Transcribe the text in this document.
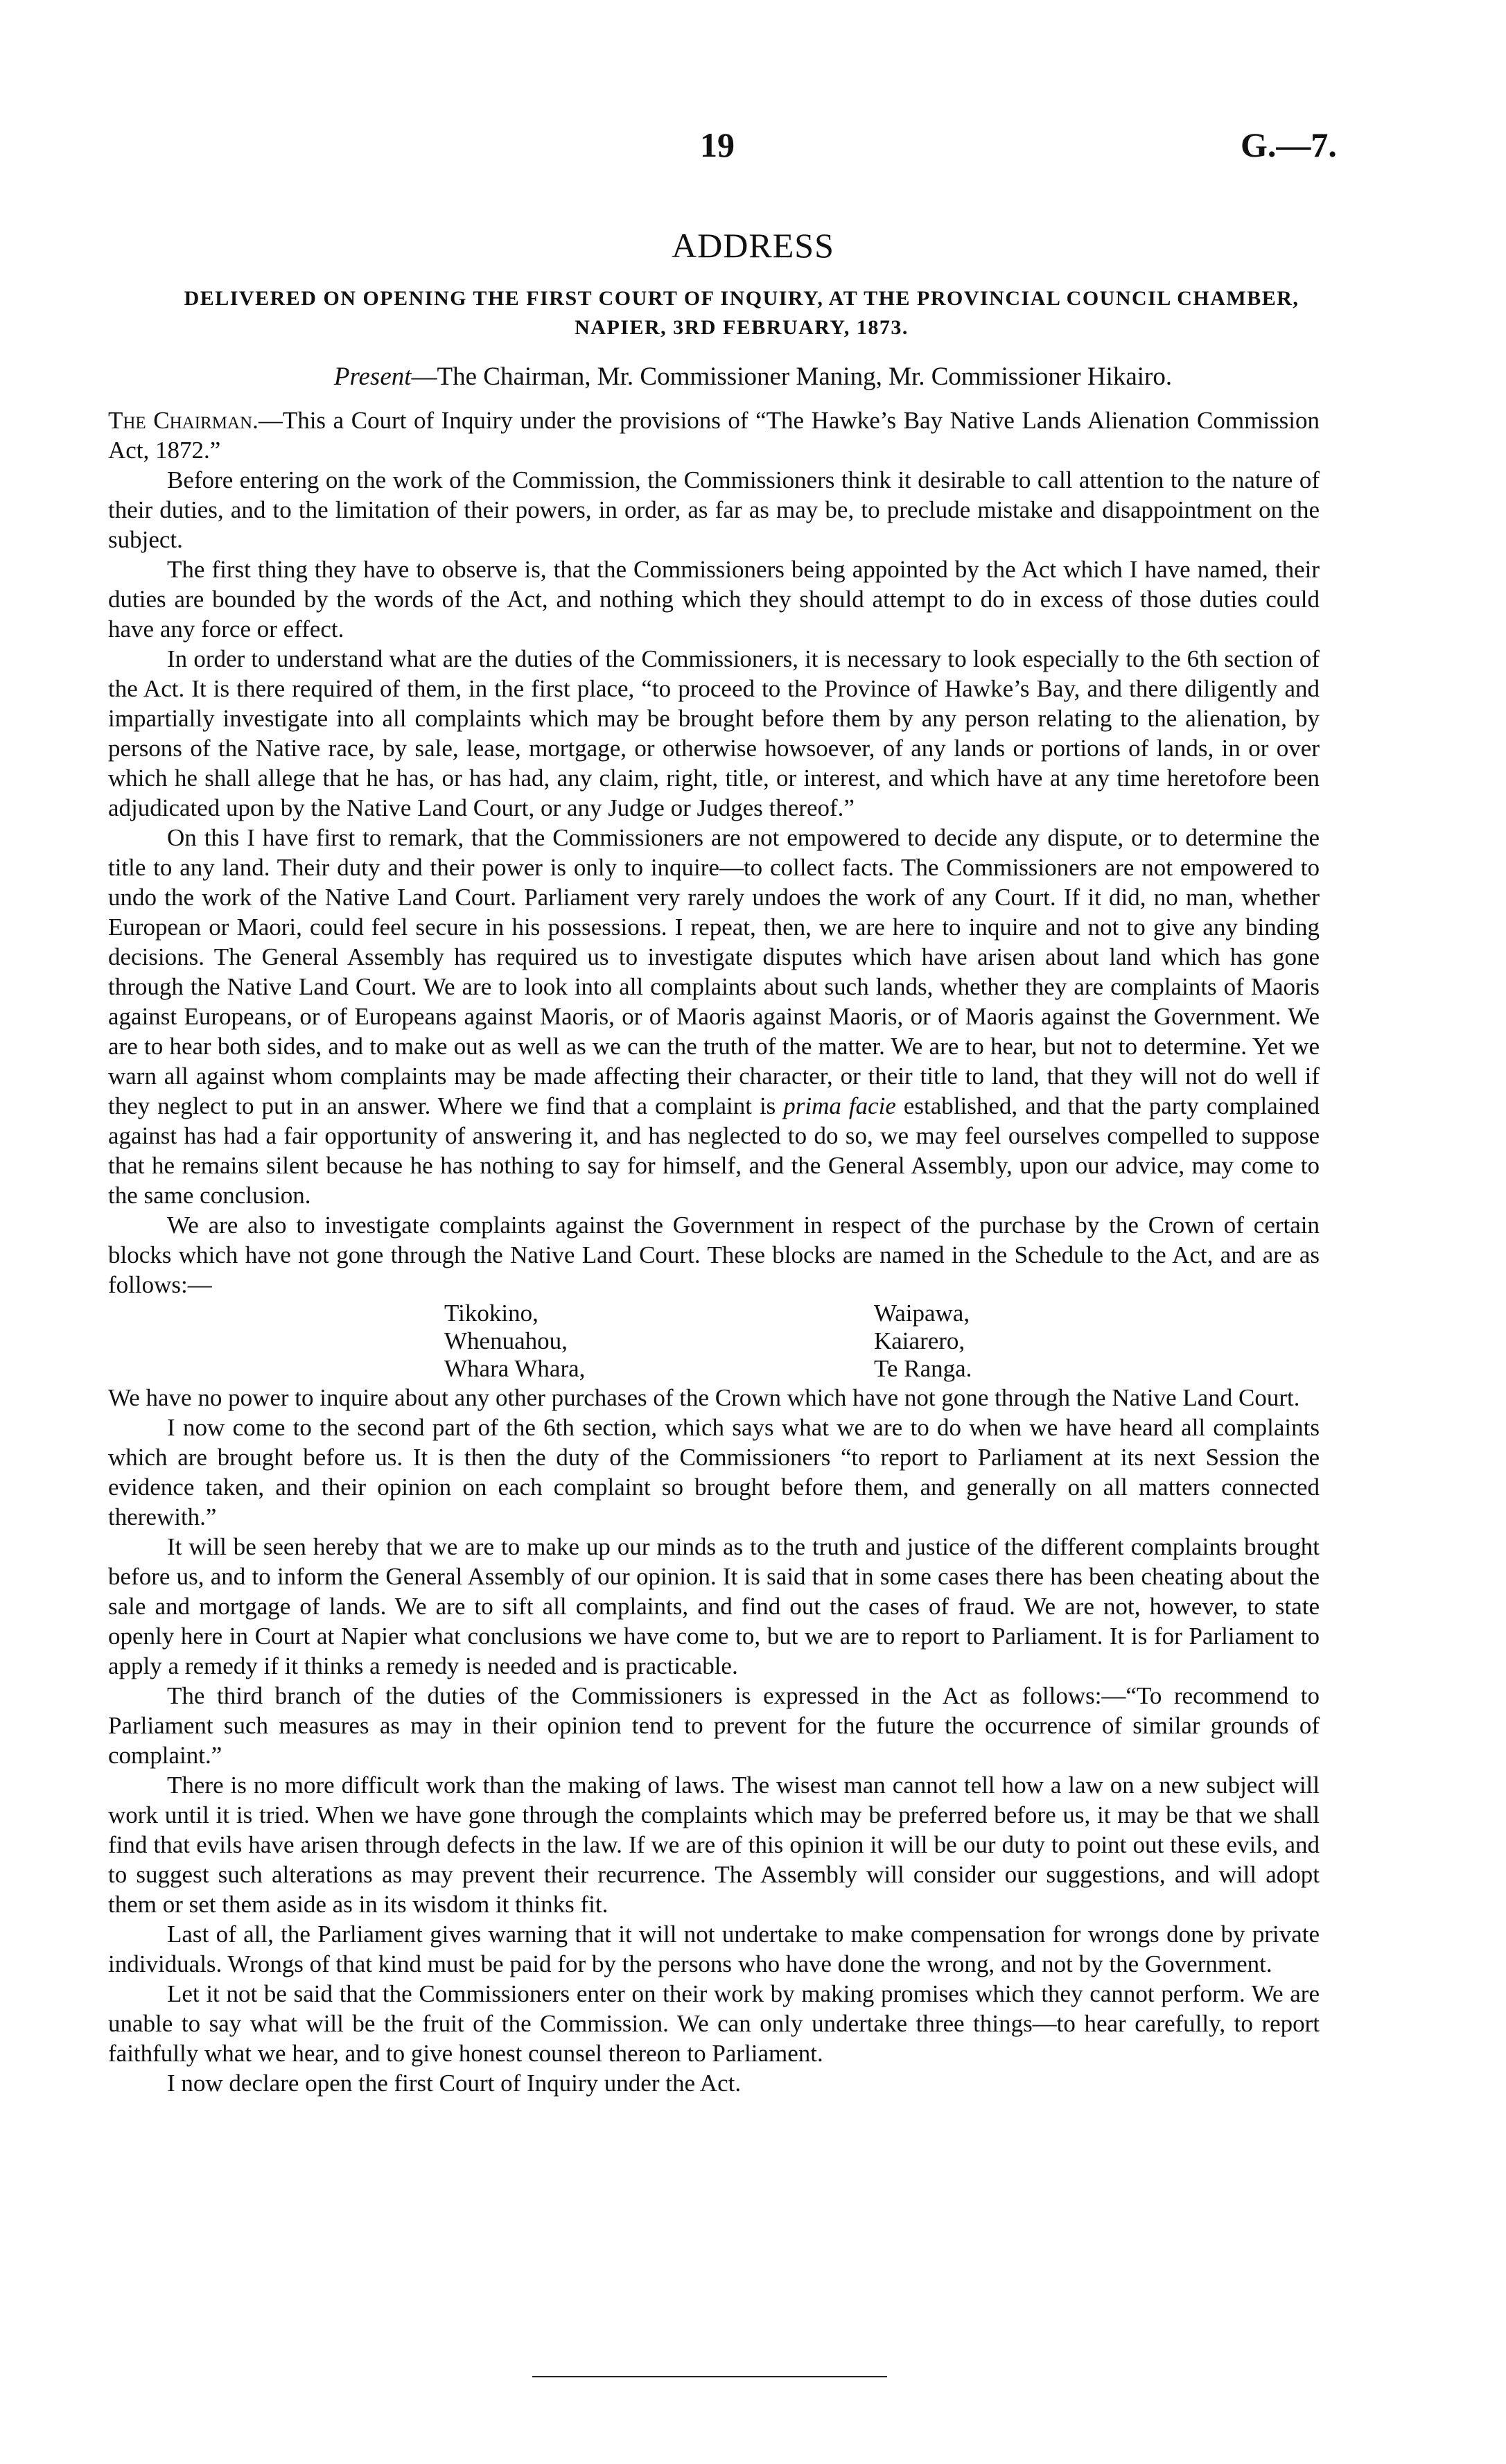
19	G.—7.
ADDRESS
DELIVERED ON OPENING THE FIRST COURT OF INQUIRY, AT THE PROVINCIAL COUNCIL CHAMBER, NAPIER, 3RD FEBRUARY, 1873.
Present—The Chairman, Mr. Commissioner Maning, Mr. Commissioner Hikairo.

The Chairman.—This a Court of Inquiry under the provisions of “The Hawke’s Bay Native Lands Alienation Commission Act, 1872.”

Before entering on the work of the Commission, the Commissioners think it desirable to call attention to the nature of their duties, and to the limitation of their powers, in order, as far as may be, to preclude mistake and disappointment on the subject.

The first thing they have to observe is, that the Commissioners being appointed by the Act which I have named, their duties are bounded by the words of the Act, and nothing which they should attempt to do in excess of those duties could have any force or effect.

In order to understand what are the duties of the Commissioners, it is necessary to look especially to the 6th section of the Act. It is there required of them, in the first place, “to proceed to the Province of Hawke’s Bay, and there diligently and impartially investigate into all complaints which may be brought before them by any person relating to the alienation, by persons of the Native race, by sale, lease, mortgage, or otherwise howsoever, of any lands or portions of lands, in or over which he shall allege that he has, or has had, any claim, right, title, or interest, and which have at any time heretofore been adjudicated upon by the Native Land Court, or any Judge or Judges thereof.”

On this I have first to remark, that the Commissioners are not empowered to decide any dispute, or to determine the title to any land. Their duty and their power is only to inquire—to collect facts. The Commissioners are not empowered to undo the work of the Native Land Court. Parliament very rarely undoes the work of any Court. If it did, no man, whether European or Maori, could feel secure in his possessions. I repeat, then, we are here to inquire and not to give any binding decisions. The General Assembly has required us to investigate disputes which have arisen about land which has gone through the Native Land Court. We are to look into all complaints about such lands, whether they are complaints of Maoris against Europeans, or of Europeans against Maoris, or of Maoris against Maoris, or of Maoris against the Government. We are to hear both sides, and to make out as well as we can the truth of the matter. We are to hear, but not to determine. Yet we warn all against whom complaints may be made affecting their character, or their title to land, that they will not do well if they neglect to put in an answer. Where we find that a complaint is prima facie established, and that the party complained against has had a fair opportunity of answering it, and has neglected to do so, we may feel ourselves compelled to suppose that he remains silent because he has nothing to say for himself, and the General Assembly, upon our advice, may come to the same conclusion.

We are also to investigate complaints against the Government in respect of the purchase by the Crown of certain blocks which have not gone through the Native Land Court. These blocks are named in the Schedule to the Act, and are as follows:—

Tikokino,	Waipawa,
Whenuahou,	Kaiarero,
Whara Whara,	Te Ranga.

We have no power to inquire about any other purchases of the Crown which have not gone through the Native Land Court.

I now come to the second part of the 6th section, which says what we are to do when we have heard all complaints which are brought before us. It is then the duty of the Commissioners “to report to Parliament at its next Session the evidence taken, and their opinion on each complaint so brought before them, and generally on all matters connected therewith.”

It will be seen hereby that we are to make up our minds as to the truth and justice of the different complaints brought before us, and to inform the General Assembly of our opinion. It is said that in some cases there has been cheating about the sale and mortgage of lands. We are to sift all complaints, and find out the cases of fraud. We are not, however, to state openly here in Court at Napier what conclusions we have come to, but we are to report to Parliament. It is for Parliament to apply a remedy if it thinks a remedy is needed and is practicable.

The third branch of the duties of the Commissioners is expressed in the Act as follows:—“To recommend to Parliament such measures as may in their opinion tend to prevent for the future the occurrence of similar grounds of complaint.”

There is no more difficult work than the making of laws. The wisest man cannot tell how a law on a new subject will work until it is tried. When we have gone through the complaints which may be preferred before us, it may be that we shall find that evils have arisen through defects in the law. If we are of this opinion it will be our duty to point out these evils, and to suggest such alterations as may prevent their recurrence. The Assembly will consider our suggestions, and will adopt them or set them aside as in its wisdom it thinks fit.

Last of all, the Parliament gives warning that it will not undertake to make compensation for wrongs done by private individuals. Wrongs of that kind must be paid for by the persons who have done the wrong, and not by the Government.

Let it not be said that the Commissioners enter on their work by making promises which they cannot perform. We are unable to say what will be the fruit of the Commission. We can only undertake three things—to hear carefully, to report faithfully what we hear, and to give honest counsel thereon to Parliament.

I now declare open the first Court of Inquiry under the Act.
